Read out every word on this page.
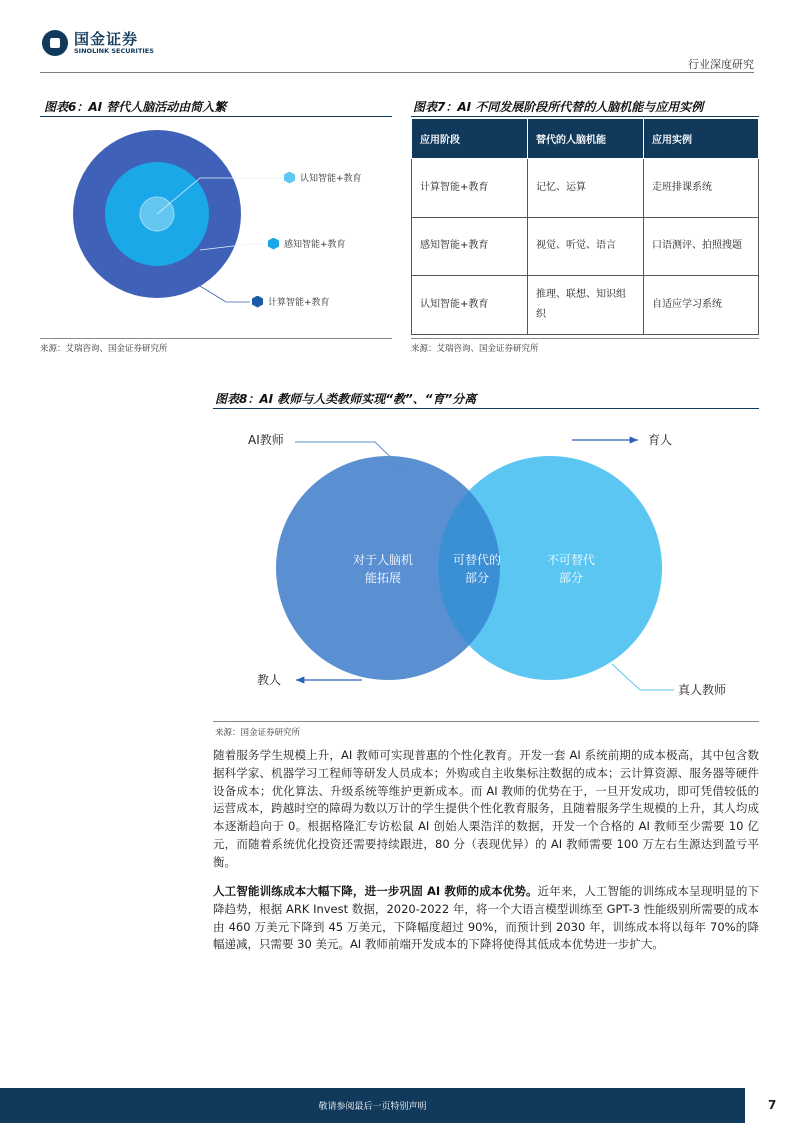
国金证券
SINOLINK SECURITIES
行业深度研究
图表6：AI 替代人脑活动由简入繁
认知智能+教育
感知智能+教育
计算智能+教育
来源：艾瑞咨询、国金证券研究所
图表7：AI 不同发展阶段所代替的人脑机能与应用实例
应用阶段	替代的人脑机能	应用实例
计算智能+教育	记忆、运算	走班排课系统
感知智能+教育	视觉、听觉、语言	口语测评、拍照搜题
认知智能+教育	推理、联想、知识组织	自适应学习系统
来源：艾瑞咨询、国金证券研究所
图表8：AI 教师与人类教师实现“教”、“育”分离
AI教师	育人
教人
真人教师
对于人脑机能拓展
可替代的部分
不可替代部分
来源：国金证券研究所
随着服务学生规模上升，AI 教师可实现普惠的个性化教育。开发一套 AI 系统前期的成本极高，其中包含数据科学家、机器学习工程师等研发人员成本；外购或自主收集标注数据的成本；云计算资源、服务器等硬件设备成本；优化算法、升级系统等维护更新成本。而 AI 教师的优势在于，一旦开发成功，即可凭借较低的运营成本，跨越时空的障碍为数以万计的学生提供个性化教育服务，且随着服务学生规模的上升，其人均成本逐渐趋向于 0。根据格隆汇专访松鼠 AI 创始人栗浩洋的数据，开发一个合格的 AI 教师至少需要 10 亿元，而随着系统优化投资还需要持续跟进，80 分（表现优异）的 AI 教师需要 100 万左右生源达到盈亏平衡。
人工智能训练成本大幅下降，进一步巩固 AI 教师的成本优势。近年来，人工智能的训练成本呈现明显的下降趋势，根据 ARK Invest 数据，2020-2022 年，将一个大语言模型训练至 GPT-3 性能级别所需要的成本由 460 万美元下降到 45 万美元，下降幅度超过 90%，而预计到 2030 年，训练成本将以每年 70%的降幅递减，只需要 30 美元。AI 教师前端开发成本的下降将使得其低成本优势进一步扩大。
敬请参阅最后一页特别声明	7
